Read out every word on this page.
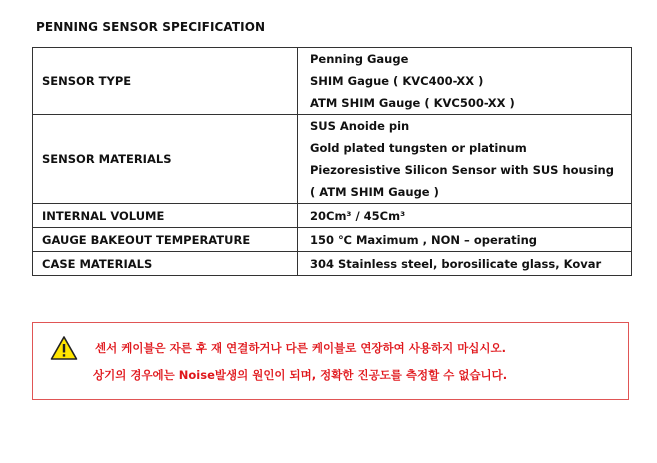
PENNING SENSOR SPECIFICATION
SENSOR TYPE	Penning Gauge
SHIM Gague ( KVC400-XX )
ATM SHIM Gauge ( KVC500-XX )

SENSOR MATERIALS	SUS Anoide pin
Gold plated tungsten or platinum
Piezoresistive Silicon Sensor with SUS housing
( ATM SHIM Gauge )

INTERNAL VOLUME	20Cm³ / 45Cm³
GAUGE BAKEOUT TEMPERATURE	150 ℃ Maximum , NON – operating
CASE MATERIALS	304 Stainless steel, borosilicate glass, Kovar
센서 케이블은 자른 후 재 연결하거나 다른 케이블로 연장하여 사용하지 마십시오.
상기의 경우에는 Noise발생의 원인이 되며, 정확한 진공도를 측정할 수 없습니다.
